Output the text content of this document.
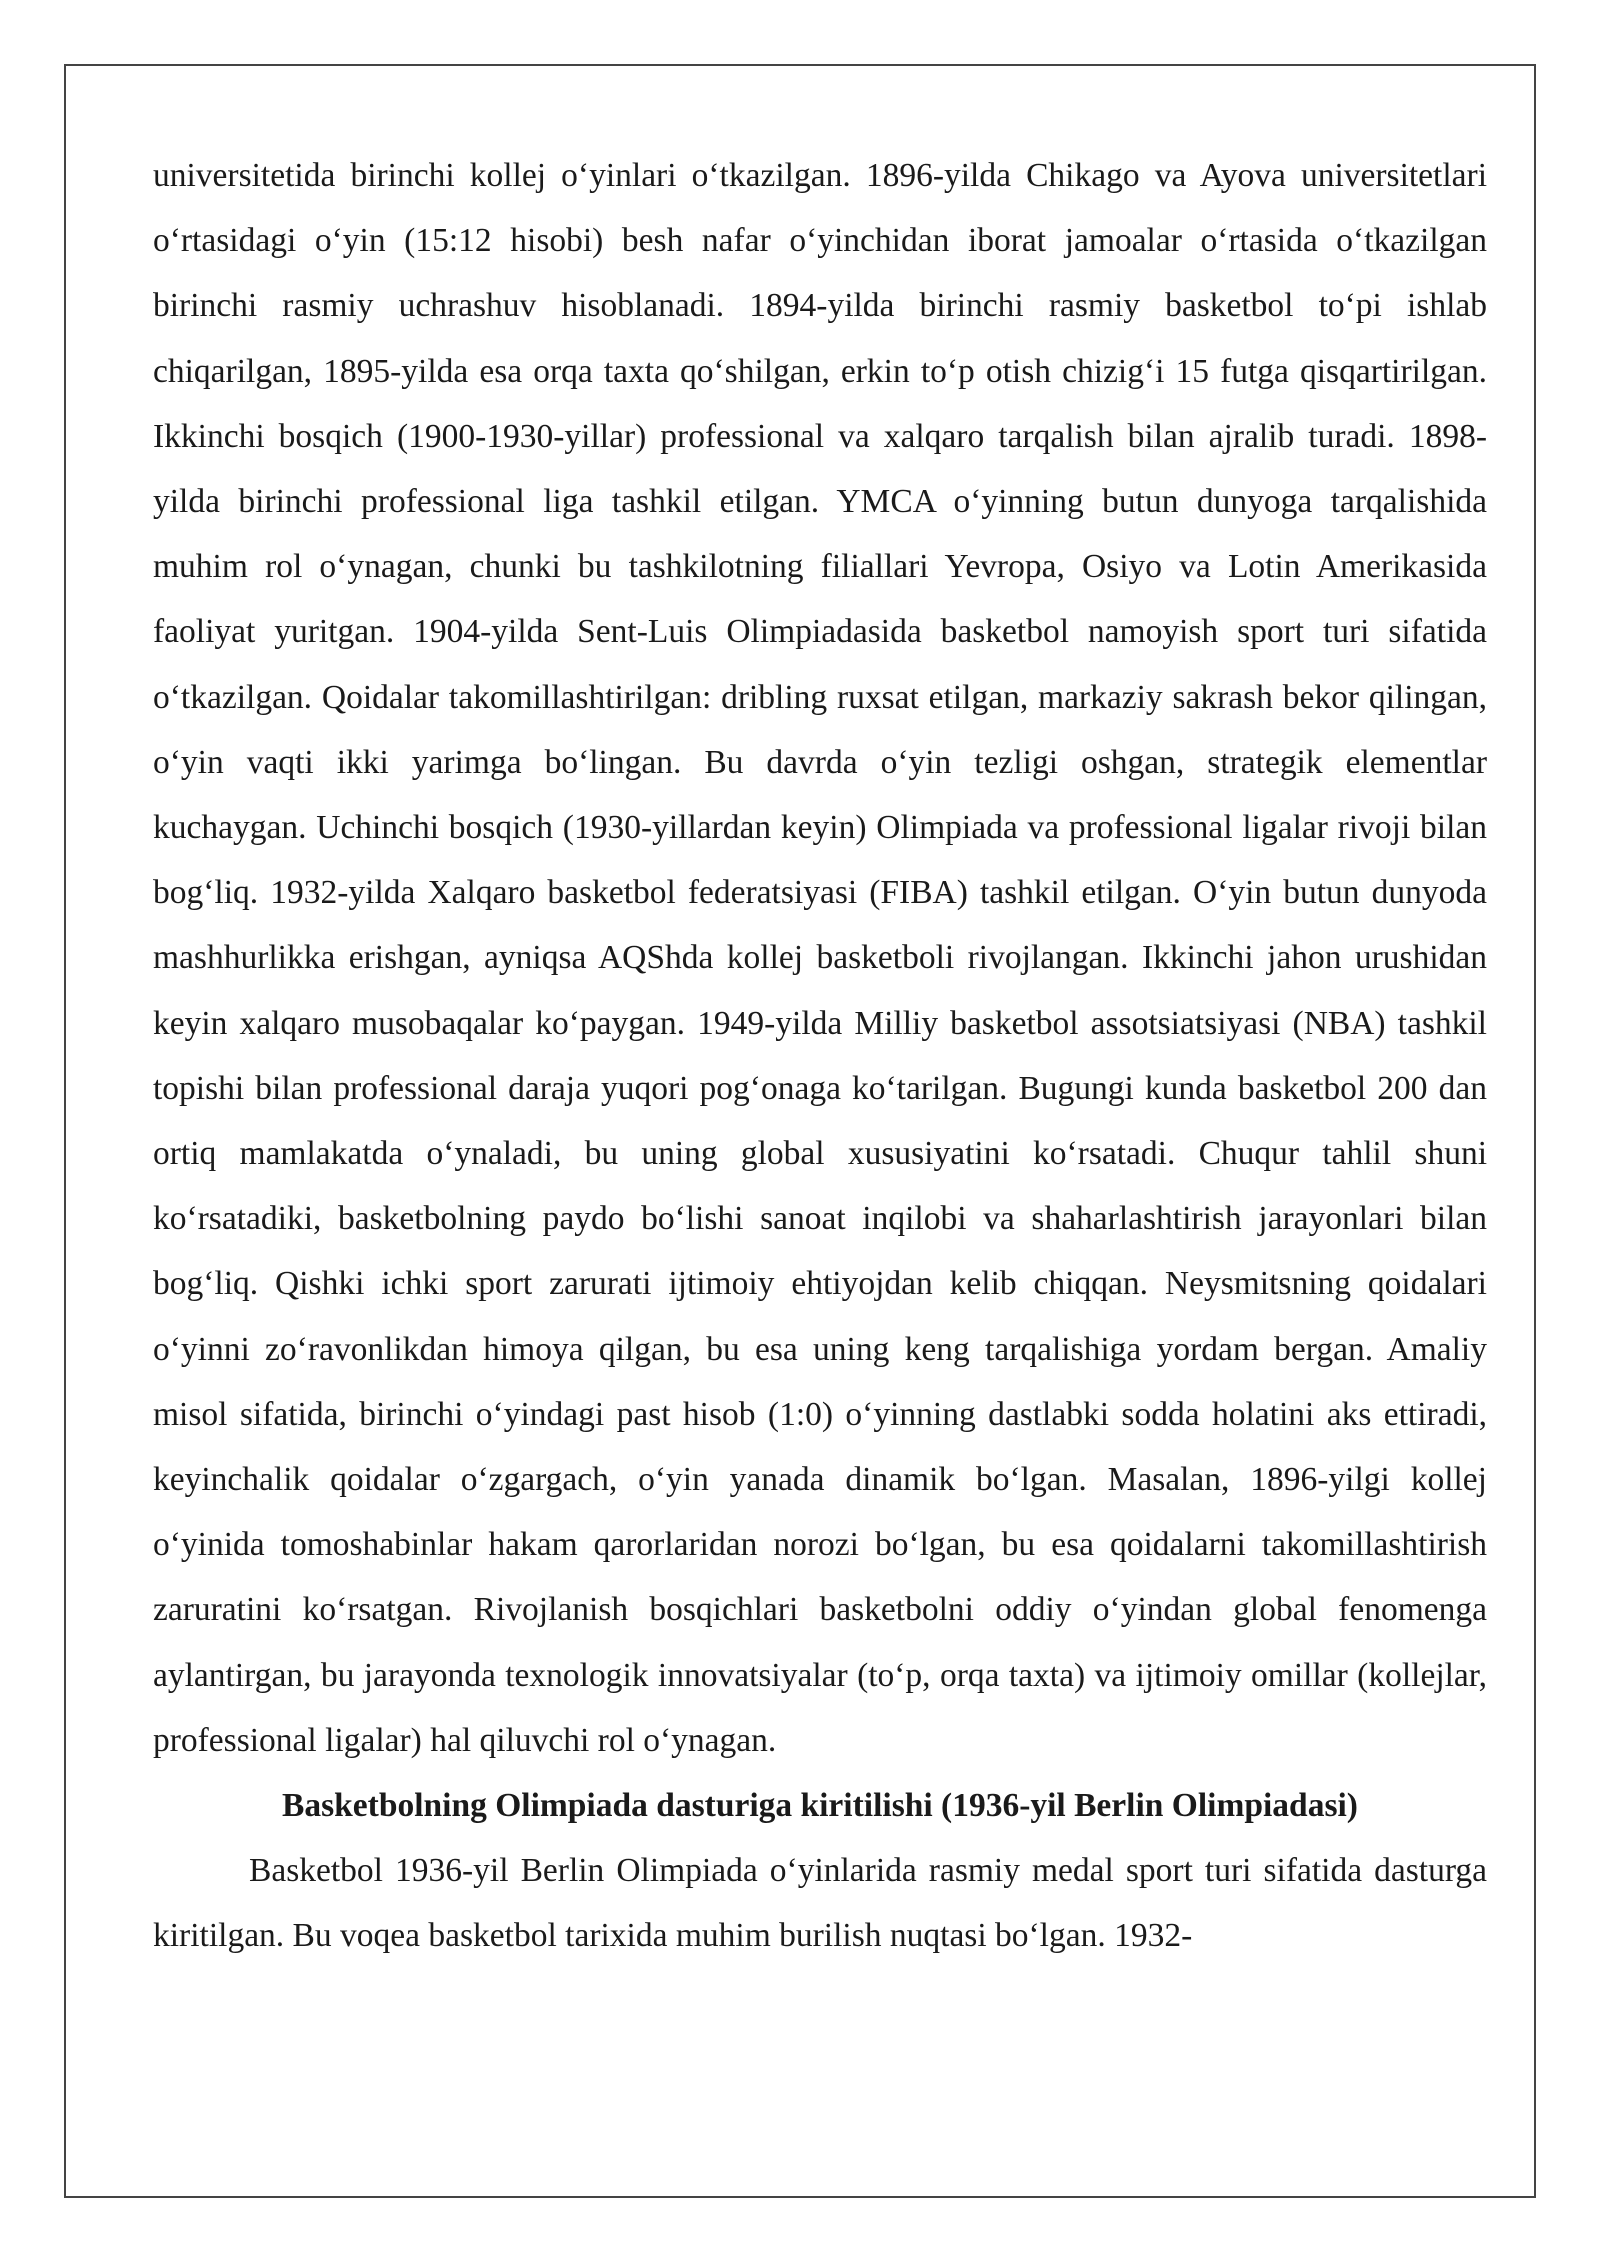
universitetida birinchi kollej o‘yinlari o‘tkazilgan. 1896-yilda Chikago va Ayova universitetlari o‘rtasidagi o‘yin (15:12 hisobi) besh nafar o‘yinchidan iborat jamoalar o‘rtasida o‘tkazilgan birinchi rasmiy uchrashuv hisoblanadi. 1894-yilda birinchi rasmiy basketbol to‘pi ishlab chiqarilgan, 1895-yilda esa orqa taxta qo‘shilgan, erkin to‘p otish chizig‘i 15 futga qisqartirilgan. Ikkinchi bosqich (1900-1930-yillar) professional va xalqaro tarqalish bilan ajralib turadi. 1898-yilda birinchi professional liga tashkil etilgan. YMCA o‘yinning butun dunyoga tarqalishida muhim rol o‘ynagan, chunki bu tashkilotning filiallari Yevropa, Osiyo va Lotin Amerikasida faoliyat yuritgan. 1904-yilda Sent-Luis Olimpiadasida basketbol namoyish sport turi sifatida o‘tkazilgan. Qoidalar takomillashtirilgan: dribling ruxsat etilgan, markaziy sakrash bekor qilingan, o‘yin vaqti ikki yarimga bo‘lingan. Bu davrda o‘yin tezligi oshgan, strategik elementlar kuchaygan. Uchinchi bosqich (1930-yillardan keyin) Olimpiada va professional ligalar rivoji bilan bog‘liq. 1932-yilda Xalqaro basketbol federatsiyasi (FIBA) tashkil etilgan. O‘yin butun dunyoda mashhurlikka erishgan, ayniqsa AQShda kollej basketboli rivojlangan. Ikkinchi jahon urushidan keyin xalqaro musobaqalar ko‘paygan. 1949-yilda Milliy basketbol assotsiatsiyasi (NBA) tashkil topishi bilan professional daraja yuqori pog‘onaga ko‘tarilgan. Bugungi kunda basketbol 200 dan ortiq mamlakatda o‘ynaladi, bu uning global xususiyatini ko‘rsatadi. Chuqur tahlil shuni ko‘rsatadiki, basketbolning paydo bo‘lishi sanoat inqilobi va shaharlashtirish jarayonlari bilan bog‘liq. Qishki ichki sport zarurati ijtimoiy ehtiyojdan kelib chiqqan. Neysmitsning qoidalari o‘yinni zo‘ravonlikdan himoya qilgan, bu esa uning keng tarqalishiga yordam bergan. Amaliy misol sifatida, birinchi o‘yindagi past hisob (1:0) o‘yinning dastlabki sodda holatini aks ettiradi, keyinchalik qoidalar o‘zgargach, o‘yin yanada dinamik bo‘lgan. Masalan, 1896-yilgi kollej o‘yinida tomoshabinlar hakam qarorlaridan norozi bo‘lgan, bu esa qoidalarni takomillashtirish zaruratini ko‘rsatgan. Rivojlanish bosqichlari basketbolni oddiy o‘yindan global fenomenga aylantirgan, bu jarayonda texnologik innovatsiyalar (to‘p, orqa taxta) va ijtimoiy omillar (kollejlar, professional ligalar) hal qiluvchi rol o‘ynagan.

Basketbolning Olimpiada dasturiga kiritilishi (1936-yil Berlin Olimpiadasi)

Basketbol 1936-yil Berlin Olimpiada o‘yinlarida rasmiy medal sport turi sifatida dasturga kiritilgan. Bu voqea basketbol tarixida muhim burilish nuqtasi bo‘lgan. 1932-
